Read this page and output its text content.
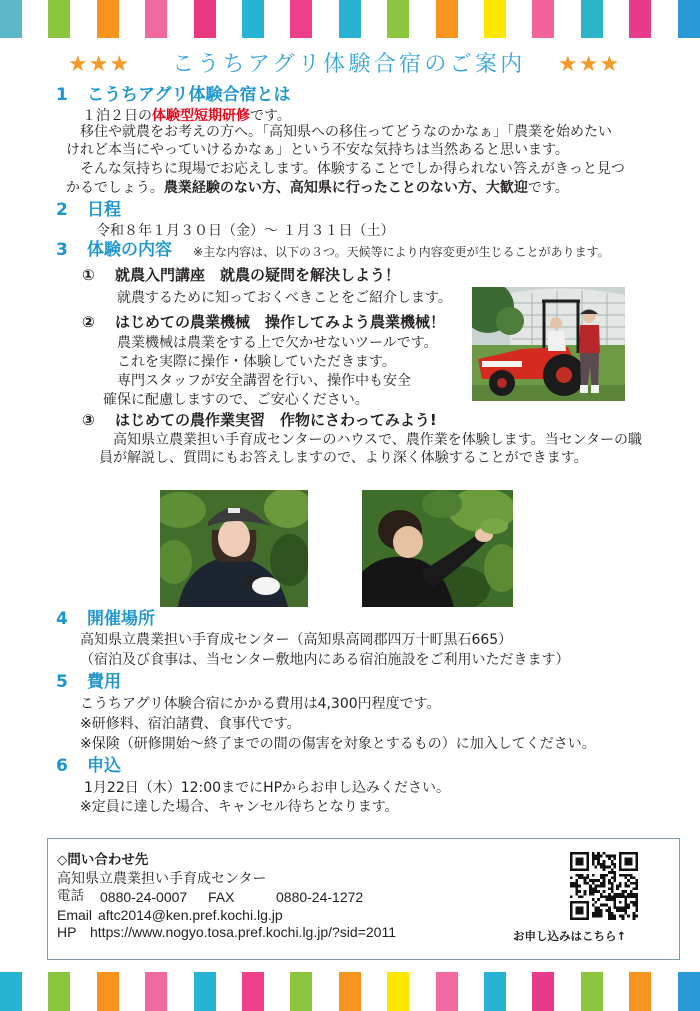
★★★ こうちアグリ体験合宿のご案内 ★★★
1 こうちアグリ体験合宿とは
１泊２日の体験型短期研修です。
移住や就農をお考えの方へ。「高知県への移住ってどうなのかなぁ」「農業を始めたい
けれど本当にやっていけるかなぁ」という不安な気持ちは当然あると思います。
そんな気持ちに現場でお応えします。体験することでしか得られない答えがきっと見つ
かるでしょう。農業経験のない方、高知県に行ったことのない方、大歓迎です。
2 日程
令和８年１月３０日（金）～ １月３１日（土）
3 体験の内容 ※主な内容は、以下の３つ。天候等により内容変更が生じることがあります。
① 就農入門講座　就農の疑問を解決しよう！
就農するために知っておくべきことをご紹介します。
② はじめての農業機械　操作してみよう農業機械！
農業機械は農業をする上で欠かせないツールです。
これを実際に操作・体験していただきます。
専門スタッフが安全講習を行い、操作中も安全
確保に配慮しますので、ご安心ください。
③ はじめての農作業実習　作物にさわってみよう!
高知県立農業担い手育成センターのハウスで、農作業を体験します。当センターの職
員が解説し、質問にもお答えしますので、より深く体験することができます。
4 開催場所
高知県立農業担い手育成センター（高知県高岡郡四万十町黒石665）
（宿泊及び食事は、当センター敷地内にある宿泊施設をご利用いただきます）
5 費用
こうちアグリ体験合宿にかかる費用は4,300円程度です。
※研修料、宿泊諸費、食事代です。
※保険（研修開始～終了までの間の傷害を対象とするもの）に加入してください。
6 申込
1月22日（木）12:00までにHPからお申し込みください。
※定員に達した場合、キャンセル待ちとなります。
◇問い合わせ先
高知県立農業担い手育成センター
電話 0880-24-0007 FAX	0880-24-1272
Email aftc2014@ken.pref.kochi.lg.jp
HP https://www.nogyo.tosa.pref.kochi.lg.jp/?sid=2011	お申し込みはこちら↑
